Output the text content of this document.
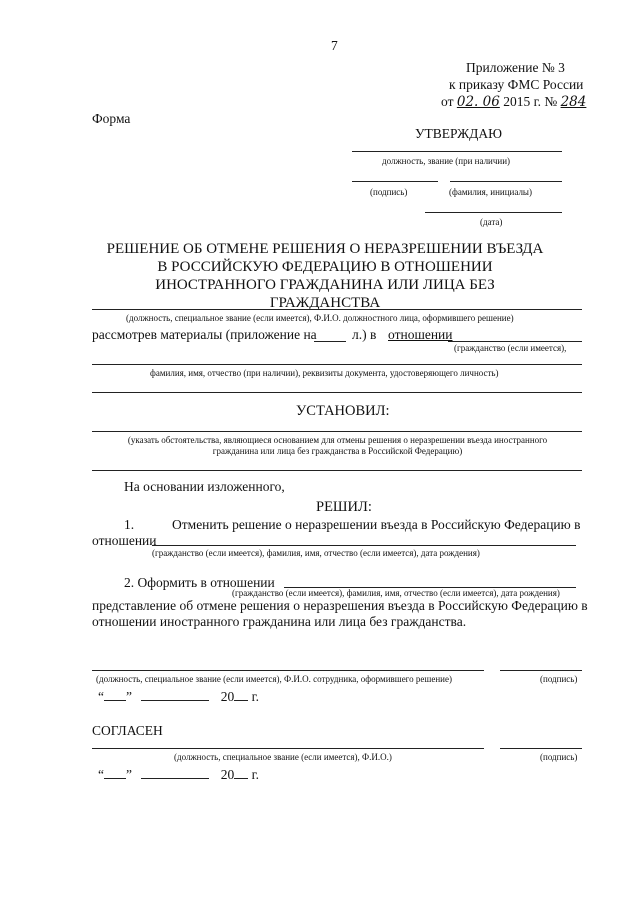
7
Приложение № 3
к приказу ФМС России
от 02. 06 2015 г. № 284
Форма
УТВЕРЖДАЮ
должность, звание (при наличии)
(подпись)	(фамилия, инициалы)
(дата)
РЕШЕНИЕ ОБ ОТМЕНЕ РЕШЕНИЯ О НЕРАЗРЕШЕНИИ ВЪЕЗДА В РОССИЙСКУЮ ФЕДЕРАЦИЮ В ОТНОШЕНИИ ИНОСТРАННОГО ГРАЖДАНИНА ИЛИ ЛИЦА БЕЗ ГРАЖДАНСТВА
(должность, специальное звание (если имеется), Ф.И.О. должностного лица, оформившего решение)
рассмотрев материалы (приложение на	л.) в отношении
(гражданство (если имеется),
фамилия, имя, отчество (при наличии), реквизиты документа, удостоверяющего личность)
УСТАНОВИЛ:
(указать обстоятельства, являющиеся основанием для отмены решения о неразрешении въезда иностранного гражданина или лица без гражданства в Российской Федерацию)
На основании изложенного,
РЕШИЛ:
1.	Отменить решение о неразрешении въезда в Российскую Федерацию в
отношении
(гражданство (если имеется), фамилия, имя, отчество (если имеется), дата рождения)
2. Оформить в отношении
(гражданство (если имеется), фамилия, имя, отчество (если имеется), дата рождения)
представление об отмене решения о неразрешения въезда в Российскую Федерацию в
отношении иностранного гражданина или лица без гражданства.
(должность, специальное звание (если имеется), Ф.И.О. сотрудника, оформившего решение)	(подпись)
“ ”	20 г.
СОГЛАСЕН
(должность, специальное звание (если имеется), Ф.И.О.)	(подпись)
“ ”	20 г.
